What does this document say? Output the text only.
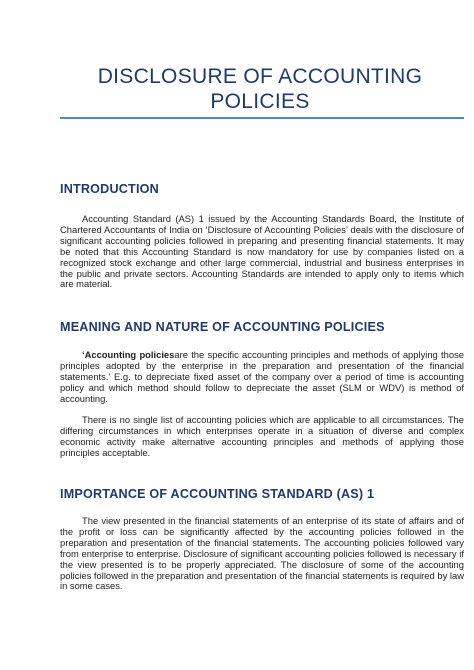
DISCLOSURE OF ACCOUNTING
POLICIES
INTRODUCTION
Accounting Standard (AS) 1 issued by the Accounting Standards Board, the Institute of Chartered Accountants of India on ‘Disclosure of Accounting Policies’ deals with the disclosure of significant accounting policies followed in preparing and presenting financial statements. It may be noted that this Accounting Standard is now mandatory for use by companies listed on a recognized stock exchange and other large commercial, industrial and business enterprises in the public and private sectors. Accounting Standards are intended to apply only to items which are material.
MEANING AND NATURE OF ACCOUNTING POLICIES
‘Accounting policiesare the specific accounting principles and methods of applying those principles adopted by the enterprise in the preparation and presentation of the financial statements.’ E.g. to depreciate fixed asset of the company over a period of time is accounting policy and which method should follow to depreciate the asset (SLM or WDV) is method of accounting.
There is no single list of accounting policies which are applicable to all circumstances. The differing circumstances in which enterprises operate in a situation of diverse and complex economic activity make alternative accounting principles and methods of applying those principles acceptable.
IMPORTANCE OF ACCOUNTING STANDARD (AS) 1
The view presented in the financial statements of an enterprise of its state of affairs and of the profit or loss can be significantly affected by the accounting policies followed in the preparation and presentation of the financial statements. The accounting policies followed vary from enterprise to enterprise. Disclosure of significant accounting policies followed is necessary if the view presented is to be properly appreciated. The disclosure of some of the accounting policies followed in the preparation and presentation of the financial statements is required by law in some cases.
